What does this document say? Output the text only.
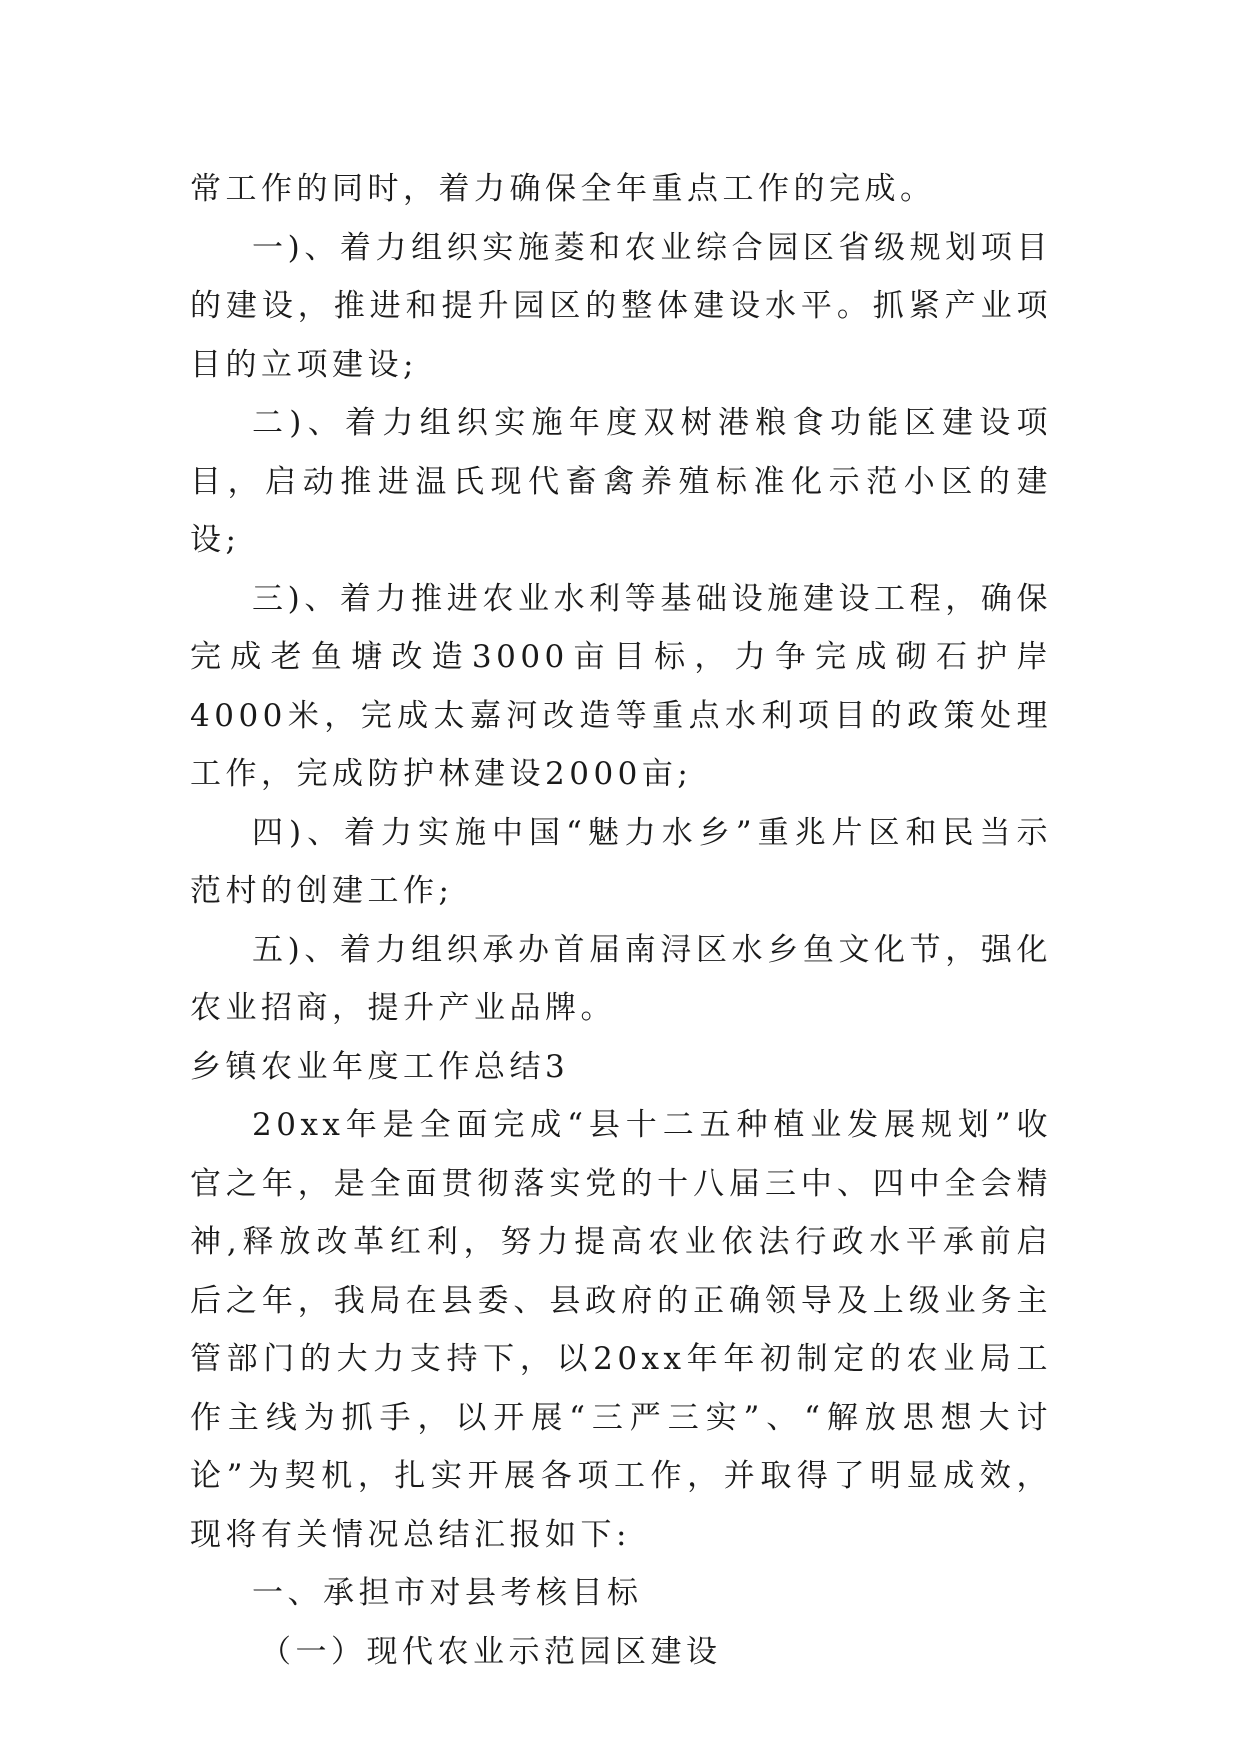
常工作的同时，着力确保全年重点工作的完成。

一)、着力组织实施菱和农业综合园区省级规划项目的建设，推进和提升园区的整体建设水平。抓紧产业项目的立项建设;

二)、着力组织实施年度双树港粮食功能区建设项目，启动推进温氏现代畜禽养殖标准化示范小区的建设;

三)、着力推进农业水利等基础设施建设工程，确保完成老鱼塘改造3000亩目标，力争完成砌石护岸4000米，完成太嘉河改造等重点水利项目的政策处理工作，完成防护林建设2000亩;

四)、着力实施中国“魅力水乡”重兆片区和民当示范村的创建工作;

五)、着力组织承办首届南浔区水乡鱼文化节，强化农业招商，提升产业品牌。

乡镇农业年度工作总结3

20xx年是全面完成“县十二五种植业发展规划”收官之年，是全面贯彻落实党的十八届三中、四中全会精神,释放改革红利，努力提高农业依法行政水平承前启后之年，我局在县委、县政府的正确领导及上级业务主管部门的大力支持下，以20xx年年初制定的农业局工作主线为抓手，以开展“三严三实”、“解放思想大讨论”为契机，扎实开展各项工作，并取得了明显成效，现将有关情况总结汇报如下:

一、承担市对县考核目标

（一）现代农业示范园区建设
